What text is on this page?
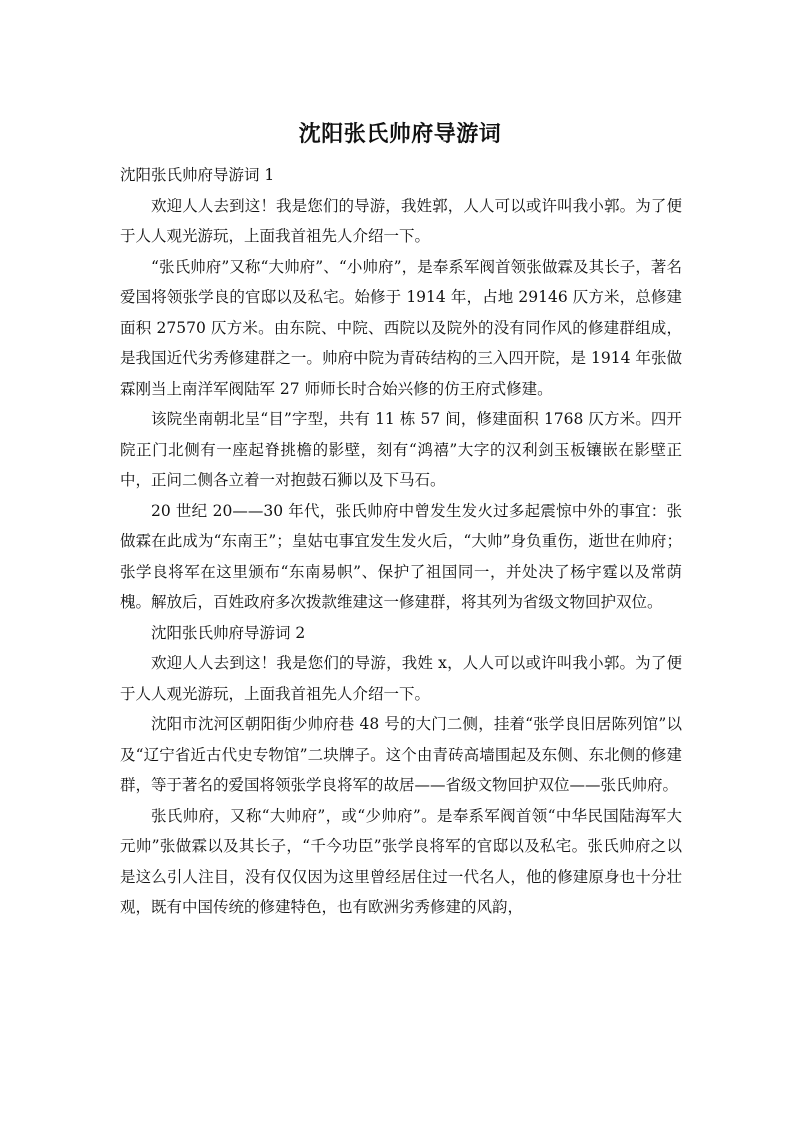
沈阳张氏帅府导游词

沈阳张氏帅府导游词 1

欢迎人人去到这！我是您们的导游，我姓郭，人人可以或许叫我小郭。为了便于人人观光游玩，上面我首祖先人介绍一下。

“张氏帅府”又称“大帅府”、“小帅府”，是奉系军阀首领张做霖及其长子，著名爱国将领张学良的官邸以及私宅。始修于 1914 年，占地 29146 仄方米，总修建面积 27570 仄方米。由东院、中院、西院以及院外的没有同作风的修建群组成，是我国近代劣秀修建群之一。帅府中院为青砖结构的三入四开院，是 1914 年张做霖刚当上南洋军阀陆军 27 师师长时合始兴修的仿王府式修建。

该院坐南朝北呈“目”字型，共有 11 栋 57 间，修建面积 1768 仄方米。四开院正门北侧有一座起脊挑檐的影壁，刻有“鸿禧”大字的汉利剑玉板镶嵌在影壁正中，正问二侧各立着一对抱鼓石狮以及下马石。

20 世纪 20——30 年代，张氏帅府中曾发生发火过多起震惊中外的事宜：张做霖在此成为“东南王”；皇姑屯事宜发生发火后，“大帅”身负重伤，逝世在帅府；张学良将军在这里颁布“东南易帜”、保护了祖国同一，并处决了杨宇霆以及常荫槐。解放后，百姓政府多次拨款维建这一修建群，将其列为省级文物回护双位。

沈阳张氏帅府导游词 2

欢迎人人去到这！我是您们的导游，我姓 x，人人可以或许叫我小郭。为了便于人人观光游玩，上面我首祖先人介绍一下。

沈阳市沈河区朝阳街少帅府巷 48 号的大门二侧，挂着“张学良旧居陈列馆”以及“辽宁省近古代史专物馆”二块牌子。这个由青砖高墙围起及东侧、东北侧的修建群，等于著名的爱国将领张学良将军的故居——省级文物回护双位——张氏帅府。

张氏帅府，又称“大帅府”，或“少帅府”。是奉系军阀首领“中华民国陆海军大元帅”张做霖以及其长子，“千今功臣”张学良将军的官邸以及私宅。张氏帅府之以是这么引人注目，没有仅仅因为这里曾经居住过一代名人，他的修建原身也十分壮观，既有中国传统的修建特色，也有欧洲劣秀修建的风韵，
